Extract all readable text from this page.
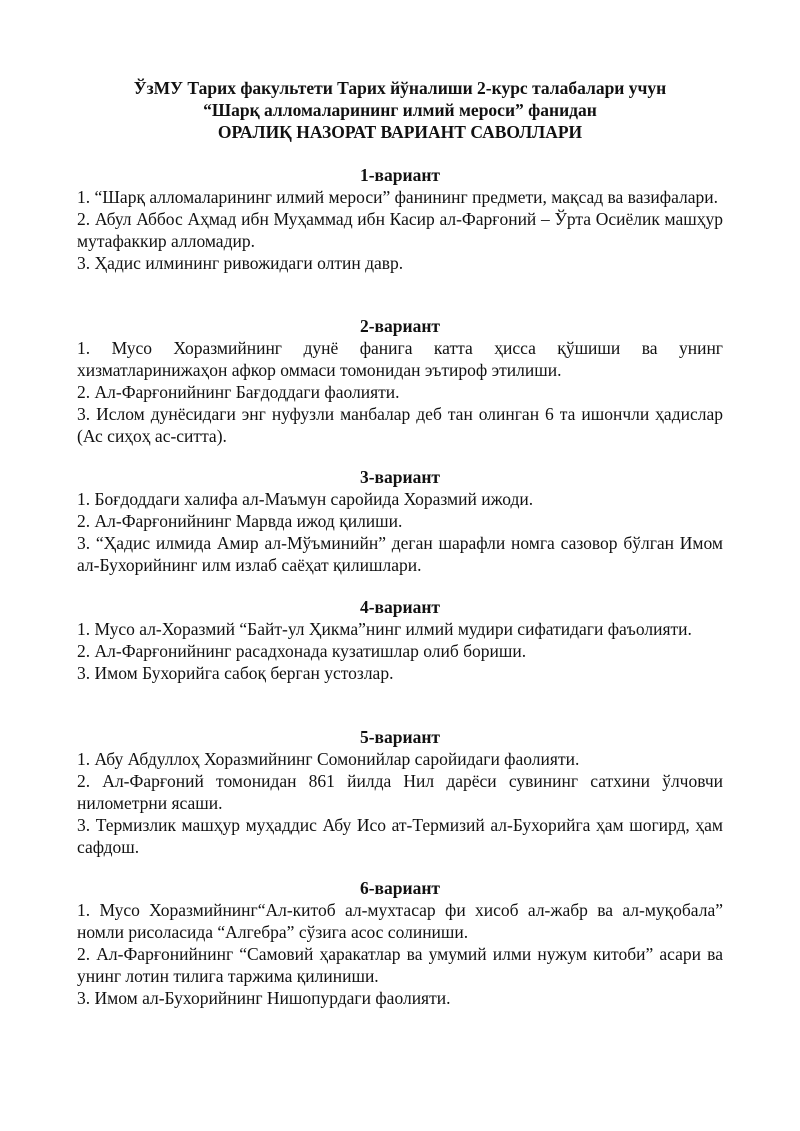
ЎзМУ Тарих факультети Тарих йўналиши 2-курс талабалари учун
“Шарқ алломаларининг илмий мероси” фанидан
ОРАЛИҚ НАЗОРАТ ВАРИАНТ САВОЛЛАРИ
1-вариант

1. “Шарқ алломаларининг илмий мероси” фанининг предмети, мақсад ва вазифалари.

2. Абул Аббос Аҳмад ибн Муҳаммад ибн Касир ал-Фарғоний – Ўрта Осиёлик машҳур мутафаккир алломадир.

3. Ҳадис илмининг ривожидаги олтин давр.

2-вариант

1. Мусо Хоразмийнинг дунё фанига катта ҳисса қўшиши ва унинг хизматларинижаҳон афкор оммаси томонидан эътироф этилиши.

2. Ал-Фарғонийнинг Бағдоддаги фаолияти.

3. Ислом дунёсидаги энг нуфузли манбалар деб тан олинган 6 та ишончли ҳадислар (Ас сиҳоҳ ас-ситта).

3-вариант

1. Боғдоддаги халифа ал-Маъмун саройида Хоразмий ижоди.

2. Ал-Фарғонийнинг Марвда ижод қилиши.

3. “Ҳадис илмида Амир ал-Мўъминийн” деган шарафли номга сазовор бўлган Имом ал-Бухорийнинг илм излаб саёҳат қилишлари.

4-вариант

1. Мусо ал-Хоразмий “Байт-ул Ҳикма”нинг илмий мудири сифатидаги фаъолияти.

2. Ал-Фарғонийнинг расадхонада кузатишлар олиб бориши.

3. Имом Бухорийга сабоқ берган устозлар.

5-вариант

1. Абу Абдуллоҳ Хоразмийнинг Сомонийлар саройидаги фаолияти.

2. Ал-Фарғоний томонидан 861 йилда Нил дарёси сувининг сатхини ўлчовчи нилометрни ясаши.

3. Термизлик машҳур муҳаддис Абу Исо ат-Термизий ал-Бухорийга ҳам шогирд, ҳам сафдош.

6-вариант

1. Мусо Хоразмийнинг“Ал-китоб ал-мухтасар фи хисоб ал-жабр ва ал-муқобала” номли рисоласида “Алгебра” сўзига асос солиниши.

2. Ал-Фарғонийнинг “Самовий ҳаракатлар ва умумий илми нужум китоби” асари ва унинг лотин тилига таржима қилиниши.

3. Имом ал-Бухорийнинг Нишопурдаги фаолияти.
